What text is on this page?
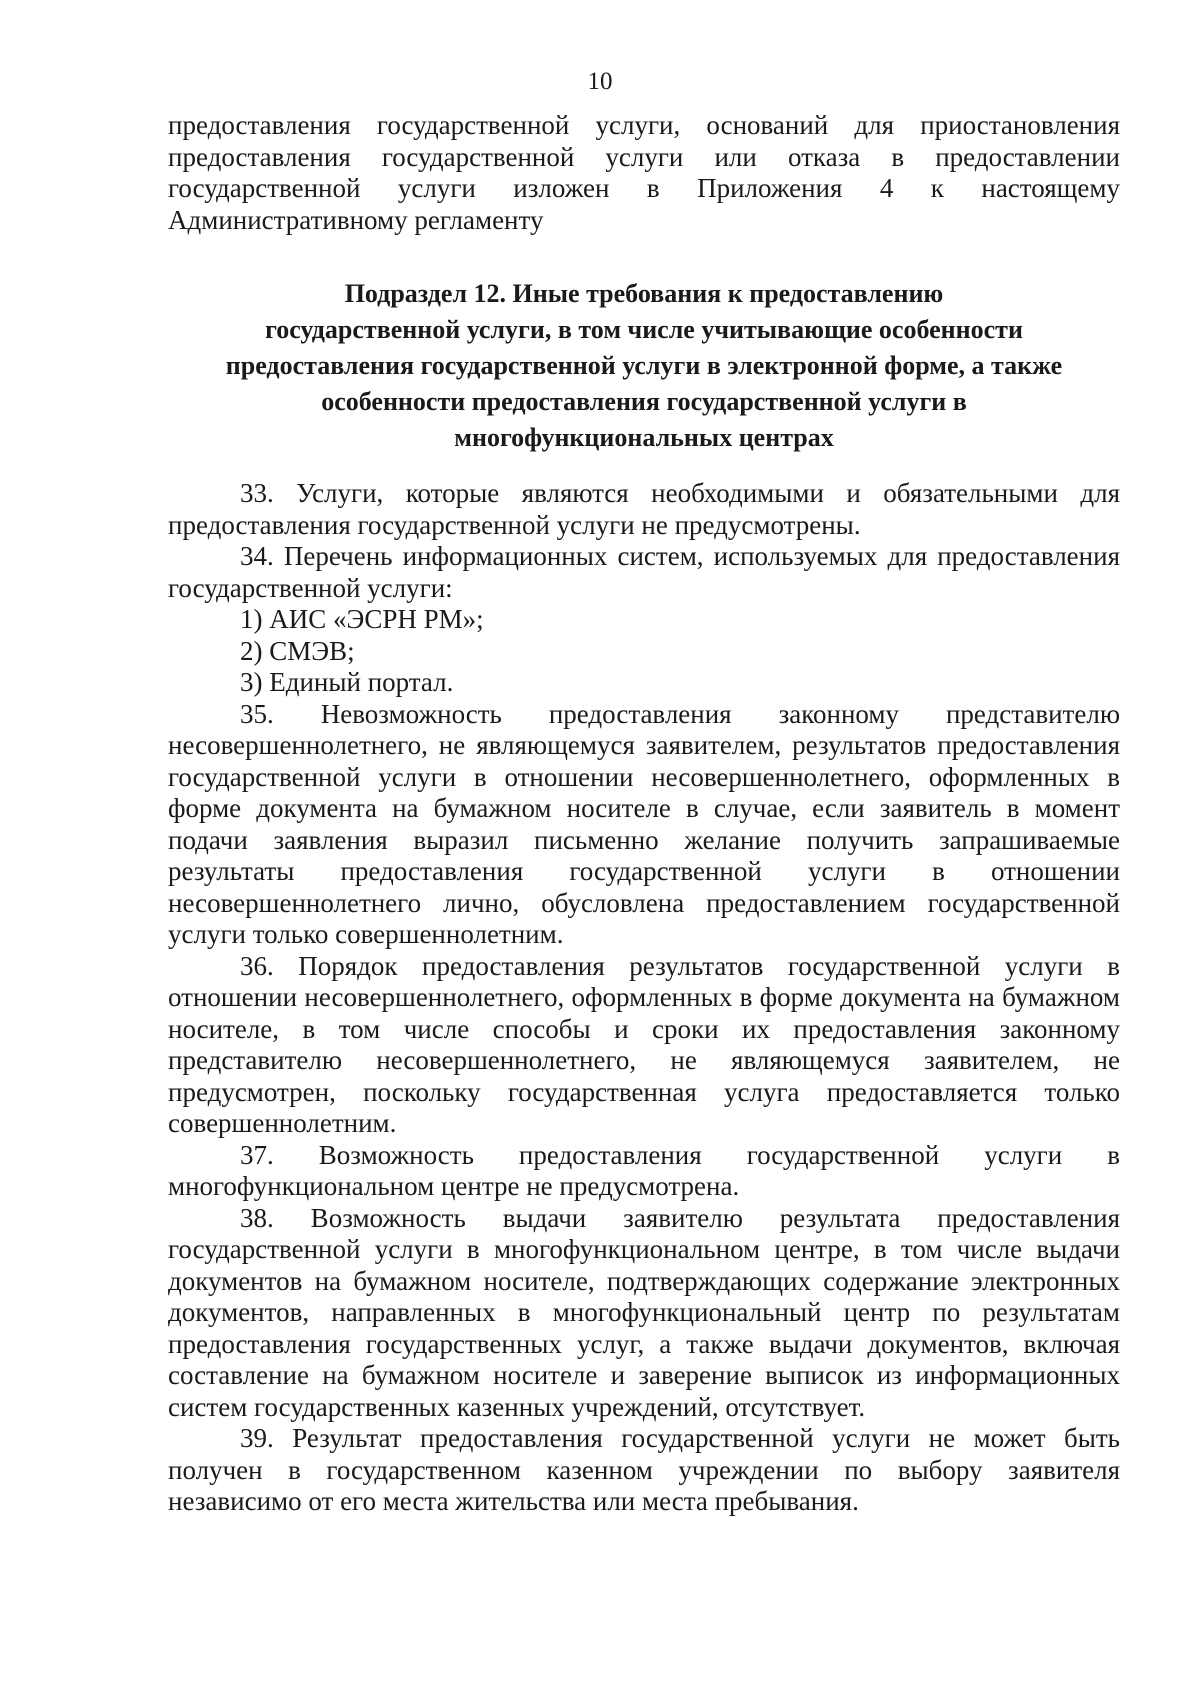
10

предоставления государственной услуги, оснований для приостановления предоставления государственной услуги или отказа в предоставлении государственной услуги изложен в Приложения 4 к настоящему Административному регламенту

Подраздел 12. Иные требования к предоставлению
государственной услуги, в том числе учитывающие особенности
предоставления государственной услуги в электронной форме, а также
особенности предоставления государственной услуги в
многофункциональных центрах

33. Услуги, которые являются необходимыми и обязательными для предоставления государственной услуги не предусмотрены.

34. Перечень информационных систем, используемых для предоставления государственной услуги:

1) АИС «ЭСРН РМ»;

2) СМЭВ;

3) Единый портал.

35. Невозможность предоставления законному представителю несовершеннолетнего, не являющемуся заявителем, результатов предоставления государственной услуги в отношении несовершеннолетнего, оформленных в форме документа на бумажном носителе в случае, если заявитель в момент подачи заявления выразил письменно желание получить запрашиваемые результаты предоставления государственной услуги в отношении несовершеннолетнего лично, обусловлена предоставлением государственной услуги только совершеннолетним.

36. Порядок предоставления результатов государственной услуги в отношении несовершеннолетнего, оформленных в форме документа на бумажном носителе, в том числе способы и сроки их предоставления законному представителю несовершеннолетнего, не являющемуся заявителем, не предусмотрен, поскольку государственная услуга предоставляется только совершеннолетним.

37. Возможность предоставления государственной услуги в многофункциональном центре не предусмотрена.

38. Возможность выдачи заявителю результата предоставления государственной услуги в многофункциональном центре, в том числе выдачи документов на бумажном носителе, подтверждающих содержание электронных документов, направленных в многофункциональный центр по результатам предоставления государственных услуг, а также выдачи документов, включая составление на бумажном носителе и заверение выписок из информационных систем государственных казенных учреждений, отсутствует.

39. Результат предоставления государственной услуги не может быть получен в государственном казенном учреждении по выбору заявителя независимо от его места жительства или места пребывания.
